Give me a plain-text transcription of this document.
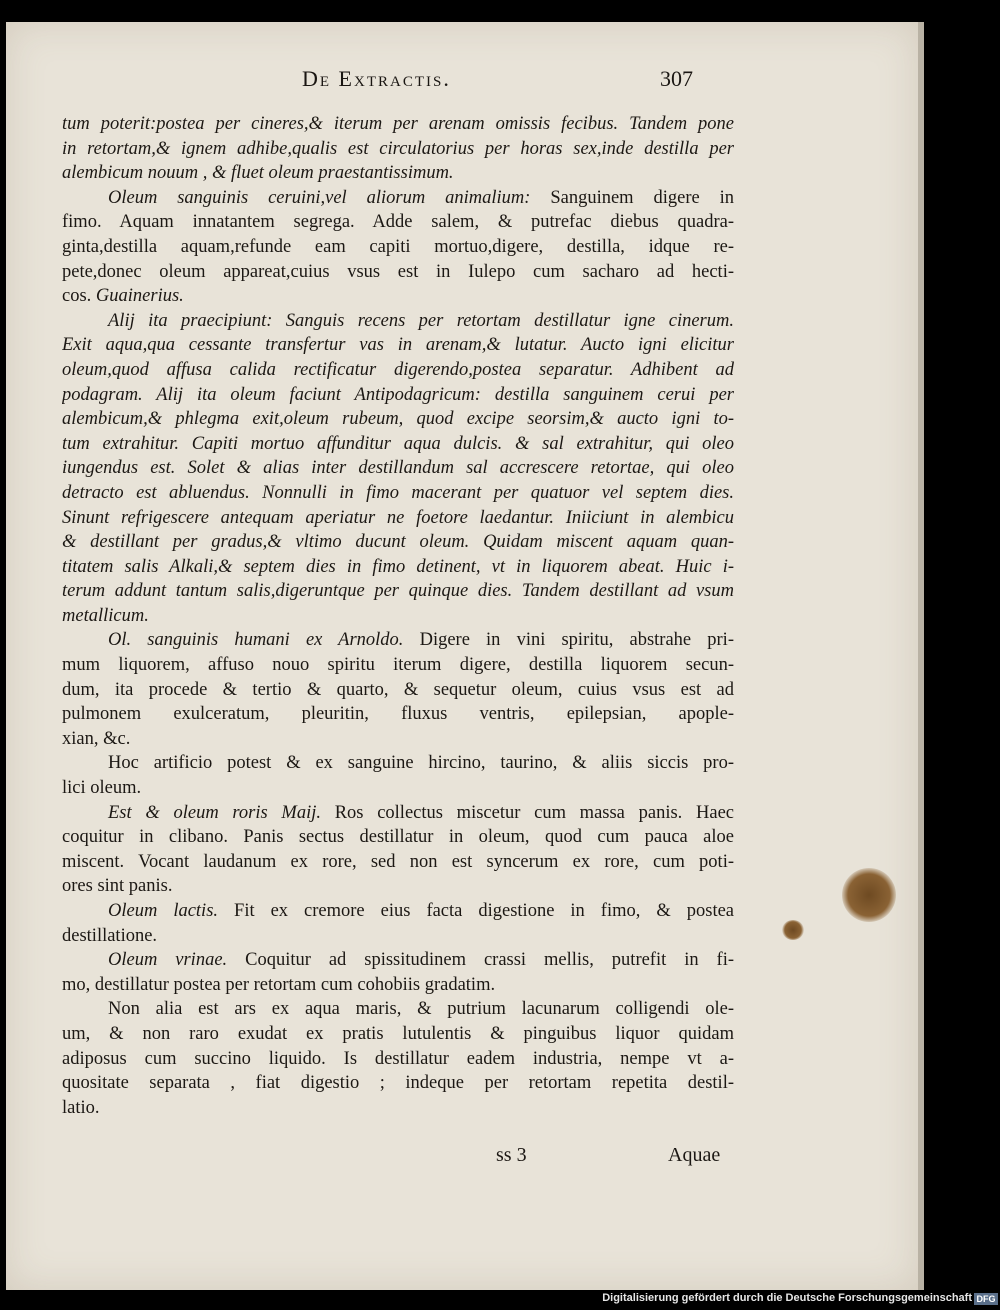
De Extractis.	307
tum poterit:postea per cineres,& iterum per arenam omissis fecibus. Tandem pone
in retortam,& ignem adhibe,qualis est circulatorius per horas sex,inde destilla per
alembicum nouum , & fluet oleum praestantissimum.
Oleum sanguinis ceruini,vel aliorum animalium: Sanguinem digere in
fimo. Aquam innatantem segrega. Adde salem, & putrefac diebus quadra-
ginta,destilla aquam,refunde eam capiti mortuo,digere, destilla, idque re-
pete,donec oleum appareat,cuius vsus est in Iulepo cum sacharo ad hecti-
cos. Guainerius.
Alij ita praecipiunt: Sanguis recens per retortam destillatur igne cinerum.
Exit aqua,qua cessante transfertur vas in arenam,& lutatur. Aucto igni elicitur
oleum,quod affusa calida rectificatur digerendo,postea separatur. Adhibent ad
podagram. Alij ita oleum faciunt Antipodagricum: destilla sanguinem cerui per
alembicum,& phlegma exit,oleum rubeum, quod excipe seorsim,& aucto igni to-
tum extrahitur. Capiti mortuo affunditur aqua dulcis. & sal extrahitur, qui oleo
iungendus est. Solet & alias inter destillandum sal accrescere retortae, qui oleo
detracto est abluendus. Nonnulli in fimo macerant per quatuor vel septem dies.
Sinunt refrigescere antequam aperiatur ne foetore laedantur. Iniiciunt in alembicu
& destillant per gradus,& vltimo ducunt oleum. Quidam miscent aquam quan-
titatem salis Alkali,& septem dies in fimo detinent, vt in liquorem abeat. Huic i-
terum addunt tantum salis,digeruntque per quinque dies. Tandem destillant ad vsum
metallicum.
Ol. sanguinis humani ex Arnoldo. Digere in vini spiritu, abstrahe pri-
mum liquorem, affuso nouo spiritu iterum digere, destilla liquorem secun-
dum, ita procede & tertio & quarto, & sequetur oleum, cuius vsus est ad
pulmonem exulceratum, pleuritin, fluxus ventris, epilepsian, apople-
xian, &c.
Hoc artificio potest & ex sanguine hircino, taurino, & aliis siccis pro-
lici oleum.
Est & oleum roris Maij. Ros collectus miscetur cum massa panis. Haec
coquitur in clibano. Panis sectus destillatur in oleum, quod cum pauca aloe
miscent. Vocant laudanum ex rore, sed non est syncerum ex rore, cum poti-
ores sint panis.
Oleum lactis. Fit ex cremore eius facta digestione in fimo, & postea
destillatione.
Oleum vrinae. Coquitur ad spissitudinem crassi mellis, putrefit in fi-
mo, destillatur postea per retortam cum cohobiis gradatim.
Non alia est ars ex aqua maris, & putrium lacunarum colligendi ole-
um, & non raro exudat ex pratis lutulentis & pinguibus liquor quidam
adiposus cum succino liquido. Is destillatur eadem industria, nempe vt a-
quositate separata , fiat digestio ; indeque per retortam repetita destil-
latio.
ss 3	Aquae
Digitalisierung gefördert durch die Deutsche Forschungsgemeinschaft DFG
